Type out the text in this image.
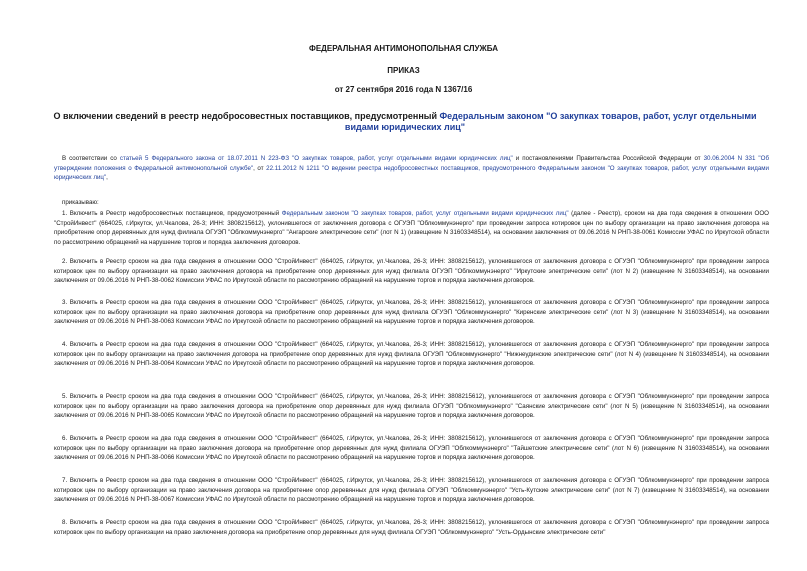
ФЕДЕРАЛЬНАЯ АНТИМОНОПОЛЬНАЯ СЛУЖБА
ПРИКАЗ
от 27 сентября 2016 года N 1367/16
О включении сведений в реестр недобросовестных поставщиков, предусмотренный Федеральным законом "О закупках товаров, работ, услуг отдельными видами юридических лиц"
В соответствии со статьей 5 Федерального закона от 18.07.2011 N 223-ФЗ "О закупках товаров, работ, услуг отдельными видами юридических лиц" и постановлениями Правительства Российской Федерации от 30.06.2004 N 331 "Об утверждении положения о Федеральной антимонопольной службе", от 22.11.2012 N 1211 "О ведении реестра недобросовестных поставщиков, предусмотренного Федеральным законом "О закупках товаров, работ, услуг отдельными видами юридических лиц",
приказываю:
1. Включить в Реестр недобросовестных поставщиков, предусмотренный Федеральным законом "О закупках товаров, работ, услуг отдельными видами юридических лиц" (далее - Реестр), сроком на два года сведения в отношении ООО "СтройИнвест" (664025, г.Иркутск, ул.Чкалова, 26-3; ИНН: 3808215612), уклонившегося от заключения договора с ОГУЭП "Облкоммунэнерго" при проведении запроса котировок цен по выбору организации на право заключения договора на приобретение опор деревянных для нужд филиала ОГУЭП "Облкоммунэнерго" "Ангарские электрические сети" (лот N 1) (извещение N 31603348514), на основании заключения от 09.06.2016 N РНП-38-0061 Комиссии УФАС по Иркутской области по рассмотрению обращений на нарушение торгов и порядка заключения договоров.
2. Включить в Реестр сроком на два года сведения в отношении ООО "СтройИнвест" (664025, г.Иркутск, ул.Чкалова, 26-3; ИНН: 3808215612), уклонившегося от заключения договора с ОГУЭП "Облкоммунэнерго" при проведении запроса котировок цен по выбору организации на право заключения договора на приобретение опор деревянных для нужд филиала ОГУЭП "Облкоммунэнерго" "Иркутские электрические сети" (лот N 2) (извещение N 31603348514), на основании заключения от 09.06.2016 N РНП-38-0062 Комиссии УФАС по Иркутской области по рассмотрению обращений на нарушение торгов и порядка заключения договоров.
3. Включить в Реестр сроком на два года сведения в отношении ООО "СтройИнвест" (664025, г.Иркутск, ул.Чкалова, 26-3; ИНН: 3808215612), уклонившегося от заключения договора с ОГУЭП "Облкоммунэнерго" при проведении запроса котировок цен по выбору организации на право заключения договора на приобретение опор деревянных для нужд филиала ОГУЭП "Облкоммунэнерго" "Киренские электрические сети" (лот N 3) (извещение N 31603348514), на основании заключения от 09.06.2016 N РНП-38-0063 Комиссии УФАС по Иркутской области по рассмотрению обращений на нарушение торгов и порядка заключения договоров.
4. Включить в Реестр сроком на два года сведения в отношении ООО "СтройИнвест" (664025, г.Иркутск, ул.Чкалова, 26-3; ИНН: 3808215612), уклонившегося от заключения договора с ОГУЭП "Облкоммунэнерго" при проведении запроса котировок цен по выбору организации на право заключения договора на приобретение опор деревянных для нужд филиала ОГУЭП "Облкоммунэнерго" "Нижнеудинские электрические сети" (лот N 4) (извещение N 31603348514), на основании заключения от 09.06.2016 N РНП-38-0064 Комиссии УФАС по Иркутской области по рассмотрению обращений на нарушение торгов и порядка заключения договоров.
5. Включить в Реестр сроком на два года сведения в отношении ООО "СтройИнвест" (664025, г.Иркутск, ул.Чкалова, 26-3; ИНН: 3808215612), уклонившегося от заключения договора с ОГУЭП "Облкоммунэнерго" при проведении запроса котировок цен по выбору организации на право заключения договора на приобретение опор деревянных для нужд филиала ОГУЭП "Облкоммунэнерго" "Саянские электрические сети" (лот N 5) (извещение N 31603348514), на основании заключения от 09.06.2016 N РНП-38-0065 Комиссии УФАС по Иркутской области по рассмотрению обращений на нарушение торгов и порядка заключения договоров.
6. Включить в Реестр сроком на два года сведения в отношении ООО "СтройИнвест" (664025, г.Иркутск, ул.Чкалова, 26-3; ИНН: 3808215612), уклонившегося от заключения договора с ОГУЭП "Облкоммунэнерго" при проведении запроса котировок цен по выбору организации на право заключения договора на приобретение опор деревянных для нужд филиала ОГУЭП "Облкоммунэнерго" "Тайшетские электрические сети" (лот N 6) (извещение N 31603348514), на основании заключения от 09.06.2016 N РНП-38-0066 Комиссии УФАС по Иркутской области по рассмотрению обращений на нарушение торгов и порядка заключения договоров.
7. Включить в Реестр сроком на два года сведения в отношении ООО "СтройИнвест" (664025, г.Иркутск, ул.Чкалова, 26-3; ИНН: 3808215612), уклонившегося от заключения договора с ОГУЭП "Облкоммунэнерго" при проведении запроса котировок цен по выбору организации на право заключения договора на приобретение опор деревянных для нужд филиала ОГУЭП "Облкоммунэнерго" "Усть-Кутские электрические сети" (лот N 7) (извещение N 31603348514), на основании заключения от 09.06.2016 N РНП-38-0067 Комиссии УФАС по Иркутской области по рассмотрению обращений на нарушение торгов и порядка заключения договоров.
8. Включить в Реестр сроком на два года сведения в отношении ООО "СтройИнвест" (664025, г.Иркутск, ул.Чкалова, 26-3; ИНН: 3808215612), уклонившегося от заключения договора с ОГУЭП "Облкоммунэнерго" при проведении запроса котировок цен по выбору организации на право заключения договора на приобретение опор деревянных для нужд филиала ОГУЭП "Облкоммунэнерго" "Усть-Ордынские электрические сети"
